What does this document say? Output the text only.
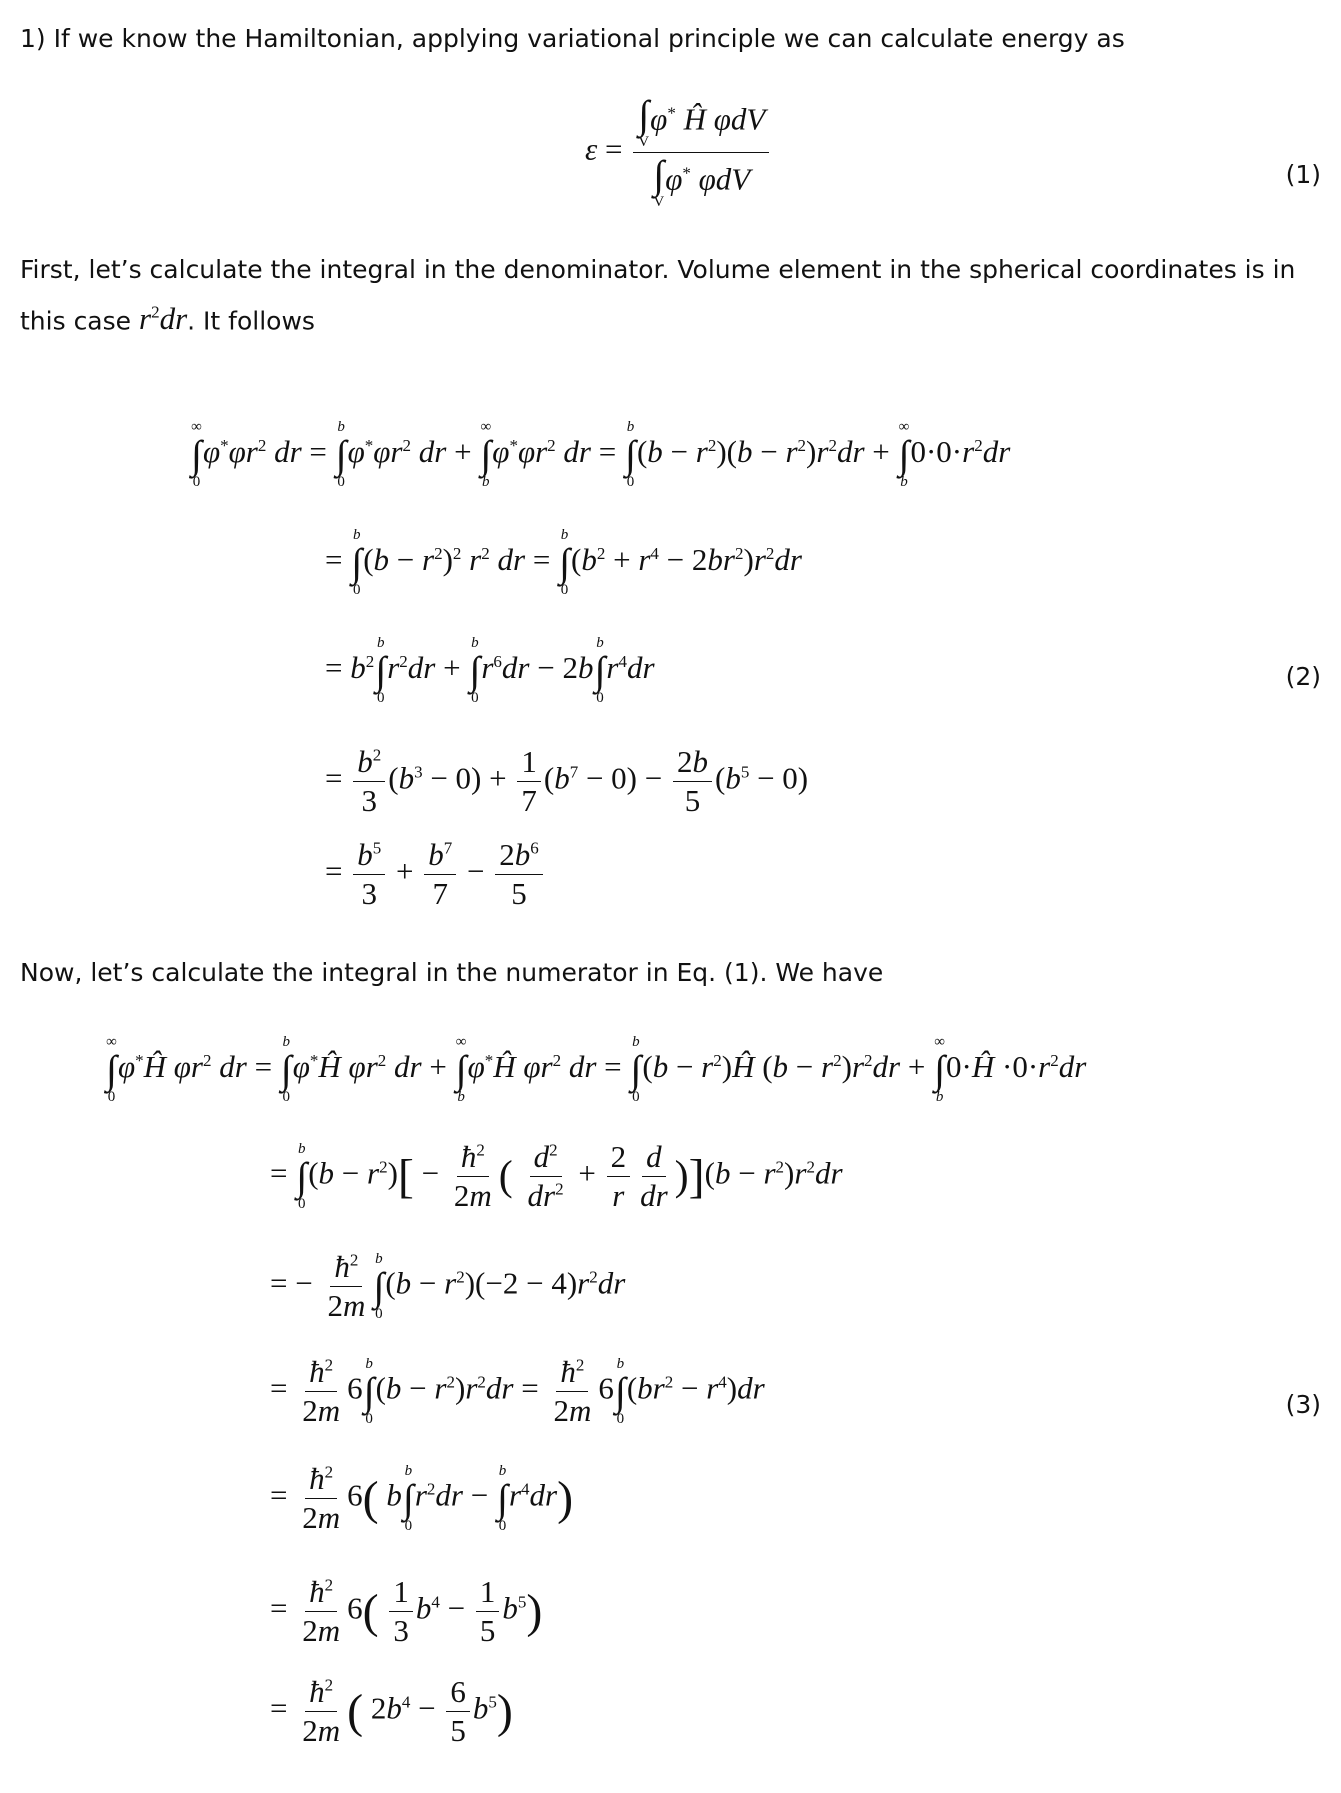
1) If we know the Hamiltonian, applying variational principle we can calculate energy as
ε = ∫
V
φ* Ĥ φdV
∫
V
φ* φdV	(1)
First, let’s calculate the integral in the denominator. Volume element in the spherical coordinates is in
this case $r^2dr$. It follows
∞
∫
0
$\varphi^*\varphi r^2$ dr =
b
∫
0
$\varphi^*\varphi r^2$ dr +
∞
∫
b
$\varphi^*\varphi r^2$ dr =
b
∫
0
$(b - r^2)(b - r^2)r^2dr$ +
∞
∫
b
$0\cdot 0\cdot r^2dr$
=
b
∫
0
$(b - r^2)^2$ $r^2$ dr =
b
∫
0
$(b^2 + r^4 - 2br^2)r^2dr$
= $b^2$
b
∫
0
$r^2dr$ +
b
∫
0
$r^6dr - 2b$
b
∫
0
$r^4dr$	(2)
= $\frac{b^2}{3} (b^3 - 0) + \frac{1}{7} (b^7 - 0) - \frac{2b}{5} (b^5 - 0)$
= $\frac{b^5}{3} + \frac{b^7}{7} - \frac{2b^6}{5}$
Now, let’s calculate the integral in the numerator in Eq. (1). We have
∞
∫
0
φ*Ĥ $\varphi r^2$ dr =
b
∫
0
φ*Ĥ $\varphi r^2$ dr +
∞
∫
b
φ*Ĥ $\varphi r^2$ dr =
b
∫
0
$(b - r^2)Ĥ$ $(b - r^2)r^2dr$ +
∞
∫
b
0·Ĥ $\cdot 0\cdot r^2dr$
=
b
∫
0
$(b - r^2)[ - \frac{ħ^2}{2m}$ ( $\frac{d^2}{dr^2} + \frac{2}{r} \frac{d}{dr} )](b - r^2)r^2dr$
= − $\frac{ħ^2}{2m}$ b
∫
0
$(b - r^2)(-2 - 4)r^2dr$
= $\frac{ħ^2}{2m} 6$
b
∫
0
$(b - r^2)r^2dr = \frac{ħ^2}{2m} 6$
b
∫
0
$(br^2 - r^4)dr$	(3)
= $\frac{ħ^2}{2m} 6$( b
b
∫
0
$r^2dr$ −
b
∫
0
$r^4dr$)
= $\frac{ħ^2}{2m} 6( \frac{1}{3} b^4 - \frac{1}{5} b^5)$
= $\frac{ħ^2}{2m}$ ( $2b^4 - \frac{6}{5} b^5$)
